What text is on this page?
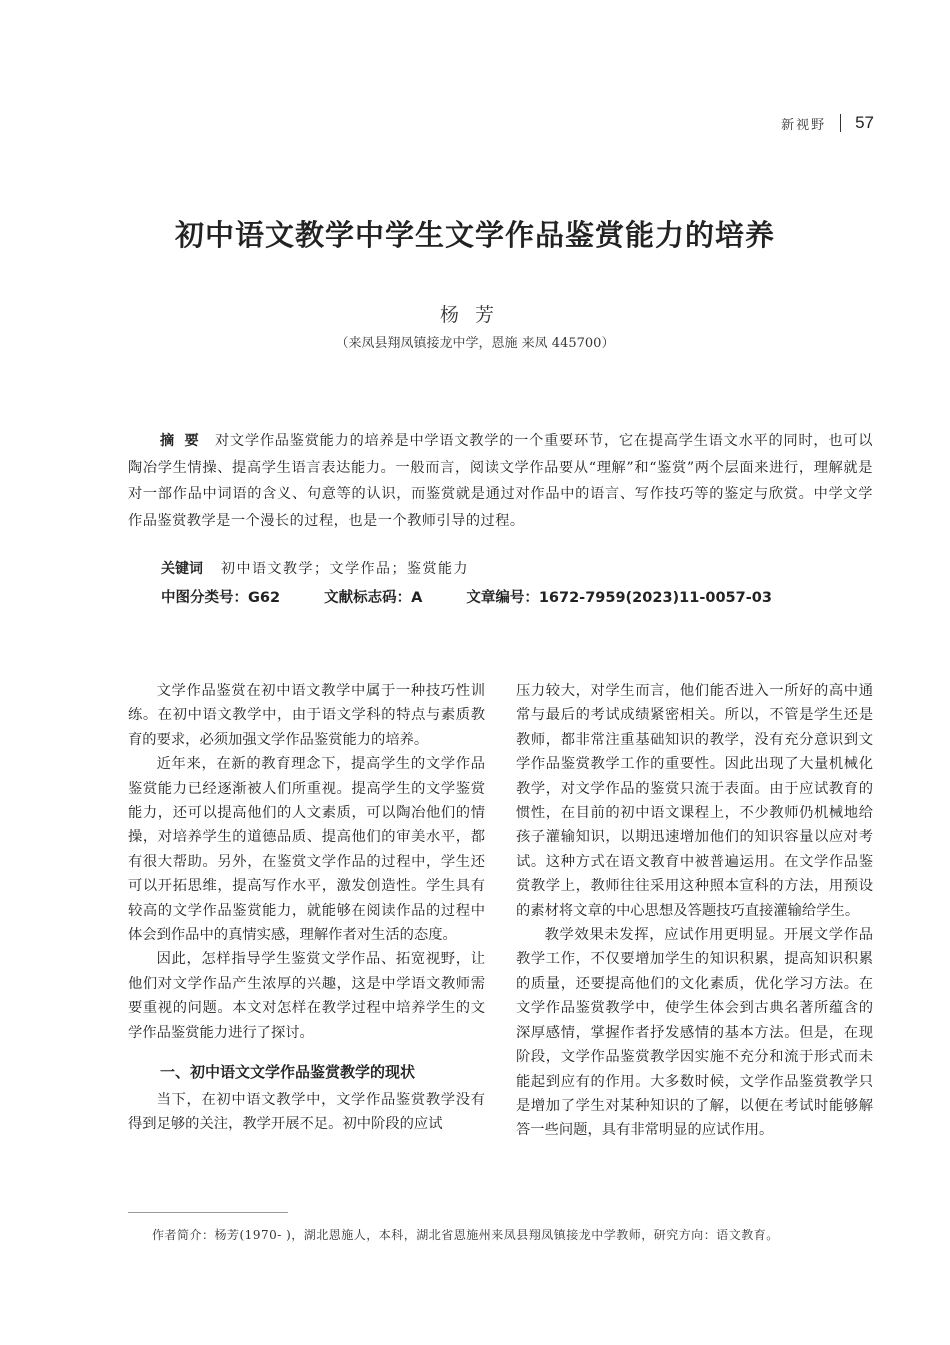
新视野 57
初中语文教学中学生文学作品鉴赏能力的培养
杨芳
（来凤县翔凤镇接龙中学，恩施 来凤 445700）
摘要 对文学作品鉴赏能力的培养是中学语文教学的一个重要环节，它在提高学生语文水平的同时，也可以陶冶学生情操、提高学生语言表达能力。一般而言，阅读文学作品要从“理解”和“鉴赏”两个层面来进行，理解就是对一部作品中词语的含义、句意等的认识，而鉴赏就是通过对作品中的语言、写作技巧等的鉴定与欣赏。中学文学作品鉴赏教学是一个漫长的过程，也是一个教师引导的过程。
关键词 初中语文教学；文学作品；鉴赏能力
中图分类号：G62	文献标志码：A	文章编号：1672-7959(2023)11-0057-03

文学作品鉴赏在初中语文教学中属于一种技巧性训练。在初中语文教学中，由于语文学科的特点与素质教育的要求，必须加强文学作品鉴赏能力的培养。

近年来，在新的教育理念下，提高学生的文学作品鉴赏能力已经逐渐被人们所重视。提高学生的文学鉴赏能力，还可以提高他们的人文素质，可以陶冶他们的情操，对培养学生的道德品质、提高他们的审美水平，都有很大帮助。另外，在鉴赏文学作品的过程中，学生还可以开拓思维，提高写作水平，激发创造性。学生具有较高的文学作品鉴赏能力，就能够在阅读作品的过程中体会到作品中的真情实感，理解作者对生活的态度。

因此，怎样指导学生鉴赏文学作品、拓宽视野，让他们对文学作品产生浓厚的兴趣，这是中学语文教师需要重视的问题。本文对怎样在教学过程中培养学生的文学作品鉴赏能力进行了探讨。

一、初中语文文学作品鉴赏教学的现状

当下，在初中语文教学中，文学作品鉴赏教学没有得到足够的关注，教学开展不足。初中阶段的应试

压力较大，对学生而言，他们能否进入一所好的高中通常与最后的考试成绩紧密相关。所以，不管是学生还是教师，都非常注重基础知识的教学，没有充分意识到文学作品鉴赏教学工作的重要性。因此出现了大量机械化教学，对文学作品的鉴赏只流于表面。由于应试教育的惯性，在目前的初中语文课程上，不少教师仍机械地给孩子灌输知识，以期迅速增加他们的知识容量以应对考试。这种方式在语文教育中被普遍运用。在文学作品鉴赏教学上，教师往往采用这种照本宣科的方法，用预设的素材将文章的中心思想及答题技巧直接灌输给学生。

教学效果未发挥，应试作用更明显。开展文学作品教学工作，不仅要增加学生的知识积累，提高知识积累的质量，还要提高他们的文化素质，优化学习方法。在文学作品鉴赏教学中，使学生体会到古典名著所蕴含的深厚感情，掌握作者抒发感情的基本方法。但是，在现阶段，文学作品鉴赏教学因实施不充分和流于形式而未能起到应有的作用。大多数时候，文学作品鉴赏教学只是增加了学生对某种知识的了解，以便在考试时能够解答一些问题，具有非常明显的应试作用。

作者简介：杨芳(1970- )，湖北恩施人，本科，湖北省恩施州来凤县翔凤镇接龙中学教师，研究方向：语文教育。
